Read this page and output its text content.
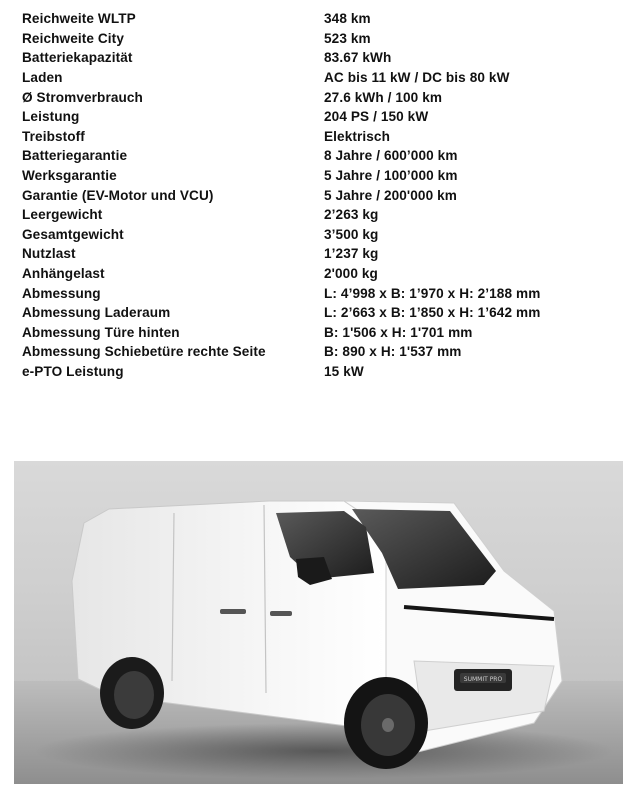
Reichweite WLTP	348 km
Reichweite City	523 km
Batteriekapazität	83.67 kWh
Laden	AC bis 11 kW / DC bis 80 kW
Ø Stromverbrauch	27.6 kWh / 100 km
Leistung	204 PS / 150 kW
Treibstoff	Elektrisch
Batteriegarantie	8 Jahre / 600’000 km
Werksgarantie	5 Jahre / 100’000 km
Garantie (EV-Motor und VCU)	5 Jahre / 200'000 km
Leergewicht	2’263 kg
Gesamtgewicht	3’500 kg
Nutzlast	1’237 kg
Anhängelast	2'000 kg
Abmessung	L: 4’998 x B: 1’970 x H: 2’188 mm
Abmessung Laderaum	L: 2’663 x B: 1’850 x H: 1’642 mm
Abmessung Türe hinten	B: 1'506 x H: 1'701 mm
Abmessung Schiebetüre rechte Seite	B: 890 x H: 1'537 mm
e-PTO Leistung	15 kW
SUMMIT PRO
